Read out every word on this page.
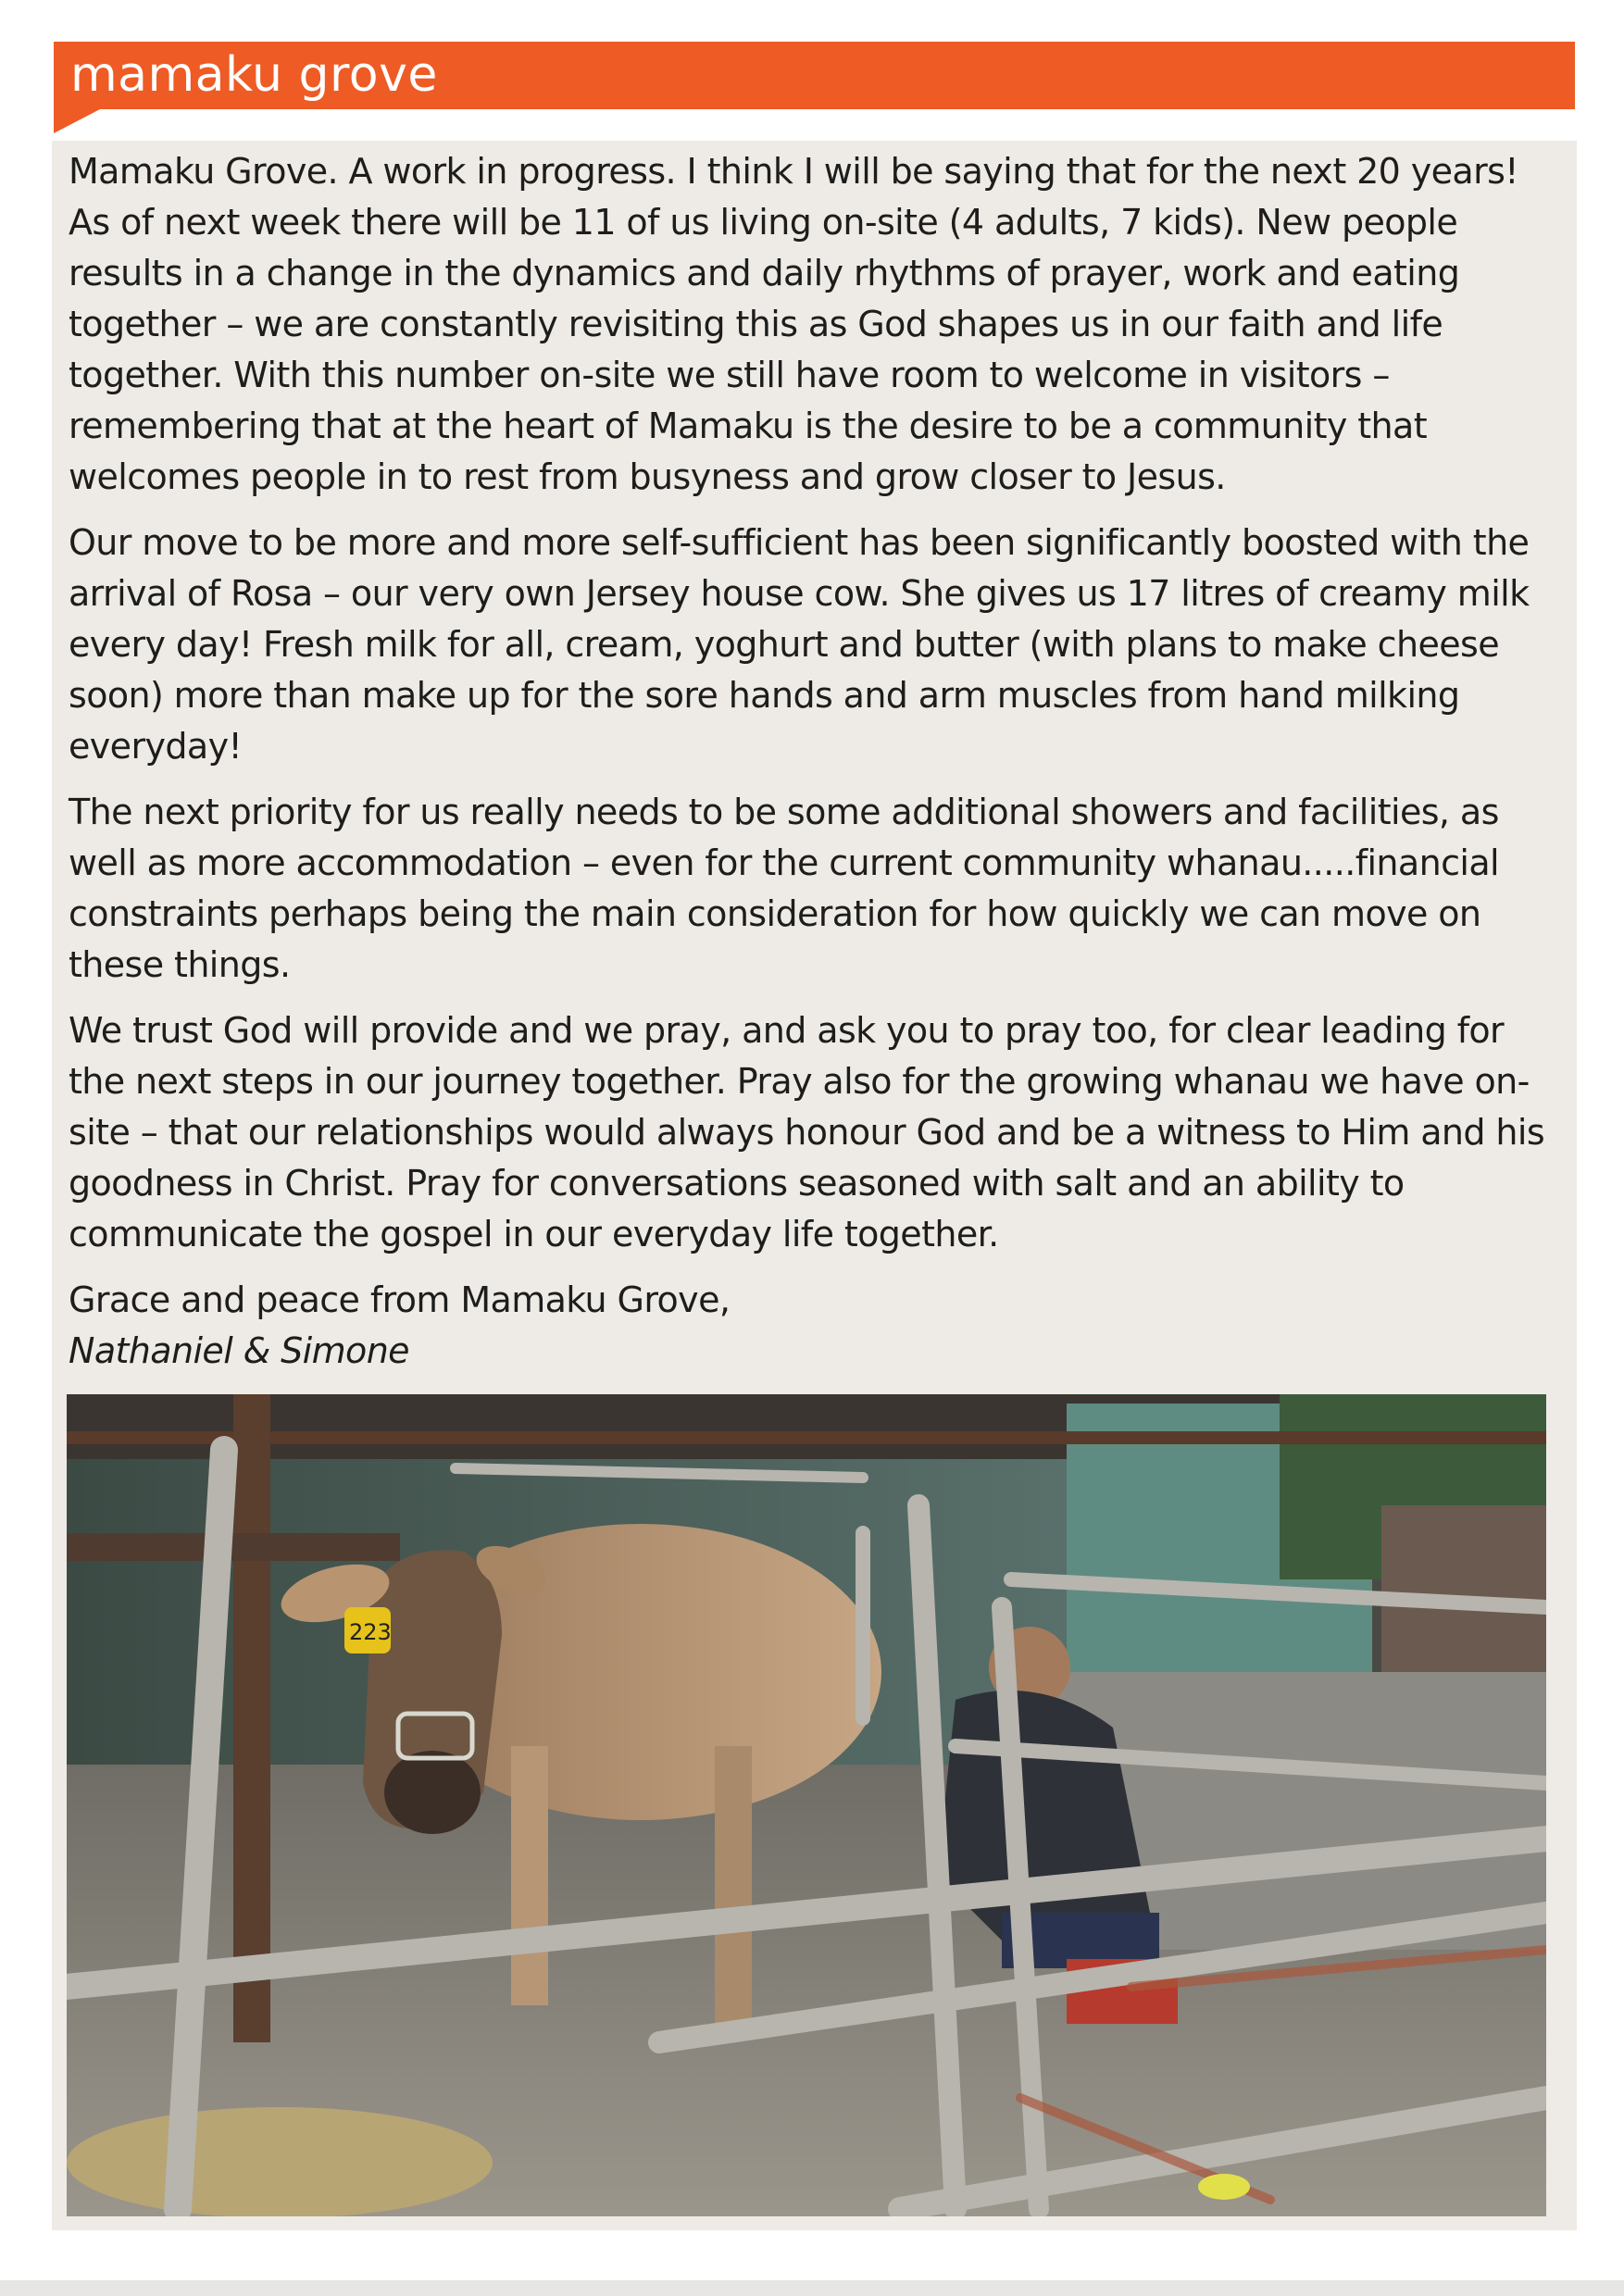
mamaku grove

Mamaku Grove. A work in progress. I think I will be saying that for the next 20 years! As of next week there will be 11 of us living on-site (4 adults, 7 kids). New people results in a change in the dynamics and daily rhythms of prayer, work and eating together – we are constantly revisiting this as God shapes us in our faith and life together. With this number on-site we still have room to welcome in visitors – remembering that at the heart of Mamaku is the desire to be a community that welcomes people in to rest from busyness and grow closer to Jesus.

Our move to be more and more self-sufficient has been significantly boosted with the arrival of Rosa – our very own Jersey house cow. She gives us 17 litres of creamy milk every day! Fresh milk for all, cream, yoghurt and butter (with plans to make cheese soon) more than make up for the sore hands and arm muscles from hand milking everyday!

The next priority for us really needs to be some additional showers and facilities, as well as more accommodation – even for the current community whanau.....financial constraints perhaps being the main consideration for how quickly we can move on these things.

We trust God will provide and we pray, and ask you to pray too, for clear leading for the next steps in our journey together. Pray also for the growing whanau we have on-site – that our relationships would always honour God and be a witness to Him and his goodness in Christ. Pray for conversations seasoned with salt and an ability to communicate the gospel in our everyday life together.

Grace and peace from Mamaku Grove,
Nathaniel & Simone

223
